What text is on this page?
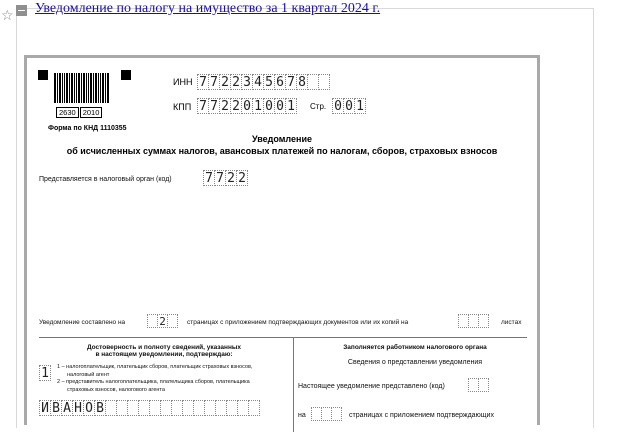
☆ Уведомление по налогу на имущество за 1 квартал 2024 г.
2630 2010
Форма по КНД 1110355
ИНН 7 7 2 2 3 4 5 6 7 8
КПП 7 7 2 2 0 1 0 0 1 Стр. 0 0 1
Уведомление
об исчисленных суммах налогов, авансовых платежей по налогам, сборов, страховых взносов
Представляется в налоговый орган (код)	7 7 2 2
Уведомление составлено на	2	страницах с приложением подтверждающих документов или их копий на	листах
Достоверность и полноту сведений, указанных
в настоящем уведомлении, подтверждаю:
1	1 – налогоплательщик, плательщик сборов, плательщик страховых взносов,
налоговый агент
2 – представитель налогоплательщика, плательщика сборов, плательщика
страховых взносов, налогового агента
И В А Н О В
Заполняется работником налогового органа
Сведения о представлении уведомления
Настоящее уведомление представлено (код)
на	страницах с приложением подтверждающих
